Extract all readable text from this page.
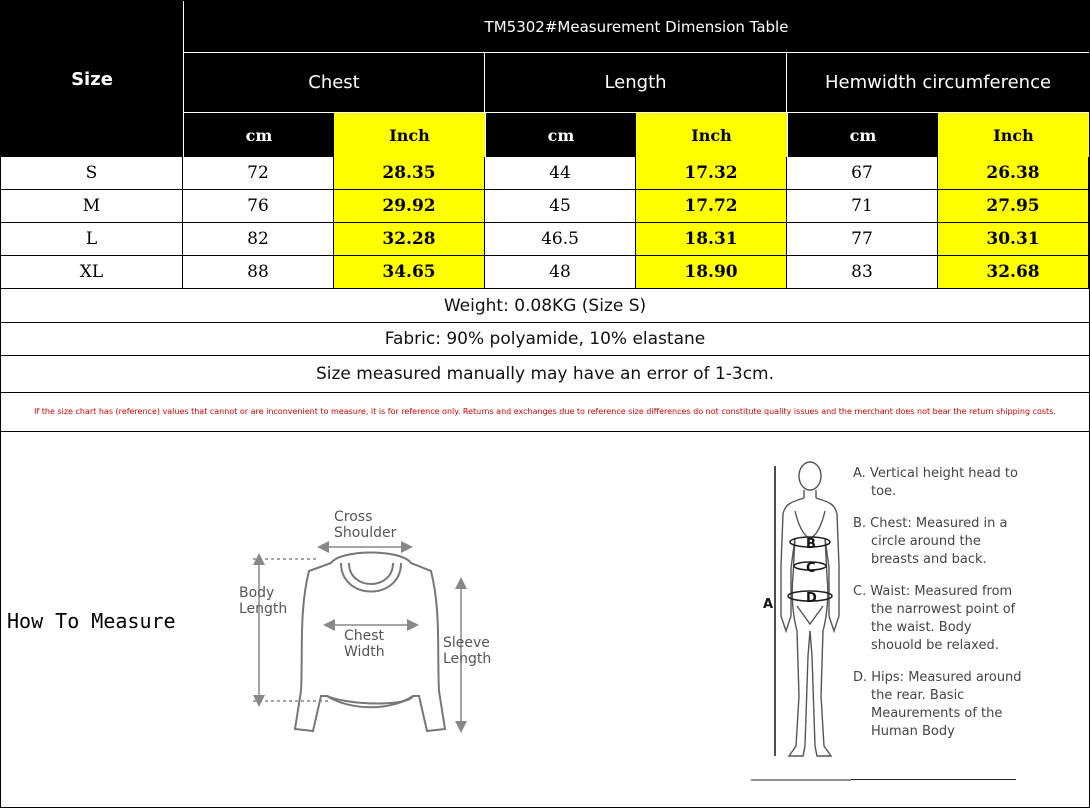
Size
TM5302#Measurement Dimension Table
Chest	Length	Hemwidth circumference
cm	Inch	cm	Inch	cm	Inch
S	72	28.35	44	17.32	67	26.38
M	76	29.92	45	17.72	71	27.95
L	82	32.28	46.5	18.31	77	30.31
XL	88	34.65	48	18.90	83	32.68
Weight: 0.08KG (Size S)
Fabric: 90% polyamide, 10% elastane
Size measured manually may have an error of 1-3cm.
If the size chart has (reference) values that cannot or are inconvenient to measure, it is for reference only. Returns and exchanges due to reference size differences do not constitute quality issues and the merchant does not bear the return shipping costs.
How To Measure
Cross
Shoulder
Body
Length
Chest
Width
Sleeve
Length
A
B
C
D

A. Vertical height head to toe.

B. Chest: Measured in a circle around the breasts and back.

C. Waist: Measured from the narrowest point of the waist. Body shouold be relaxed.

D. Hips: Measured around the rear. Basic Meaurements of the Human Body
